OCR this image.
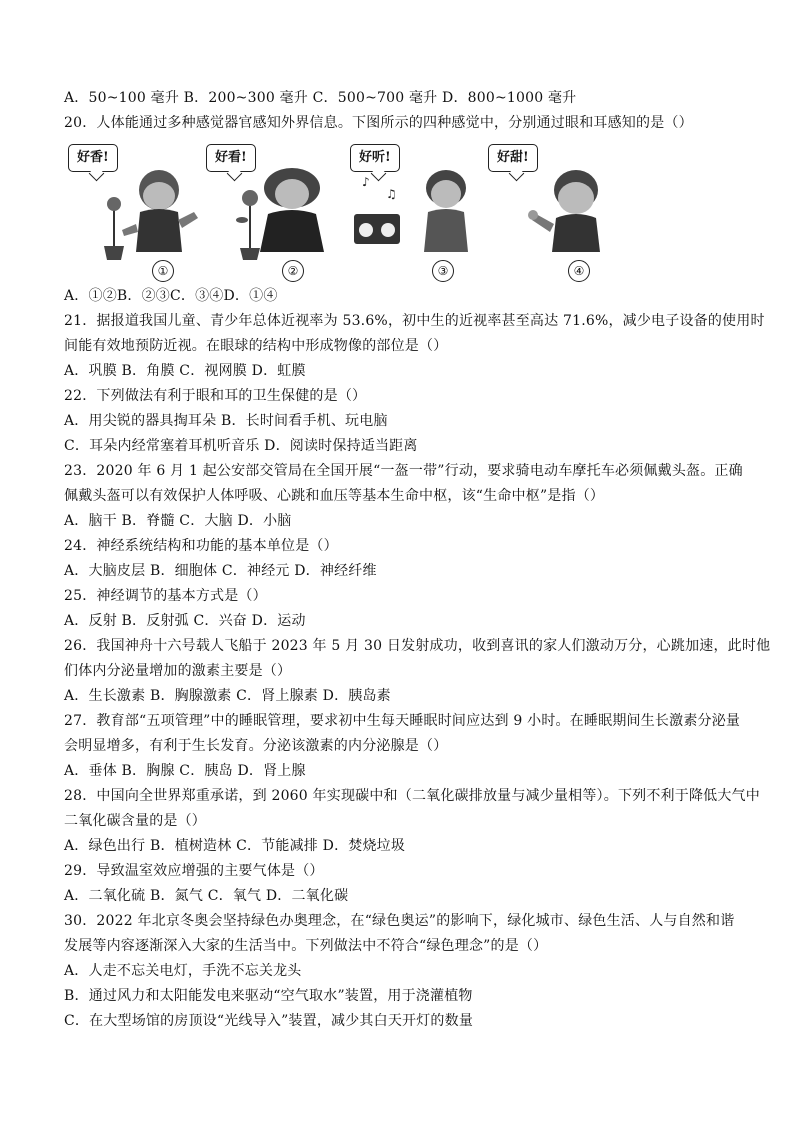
A．50~100 毫升 B．200~300 毫升 C．500~700 毫升 D．800~1000 毫升
20．人体能通过多种感觉器官感知外界信息。下图所示的四种感觉中，分别通过眼和耳感知的是（）
好香!
①
好看!
②
好听!
♪
♫
③
好甜!
④
A．①②B．②③C．③④D．①④
21．据报道我国儿童、青少年总体近视率为 53.6%，初中生的近视率甚至高达 71.6%，减少电子设备的使用时
间能有效地预防近视。在眼球的结构中形成物像的部位是（）
A．巩膜 B．角膜 C．视网膜 D．虹膜
22．下列做法有利于眼和耳的卫生保健的是（）
A．用尖锐的器具掏耳朵 B．长时间看手机、玩电脑
C．耳朵内经常塞着耳机听音乐 D．阅读时保持适当距离
23．2020 年 6 月 1 起公安部交管局在全国开展“一盔一带”行动，要求骑电动车摩托车必须佩戴头盔。正确
佩戴头盔可以有效保护人体呼吸、心跳和血压等基本生命中枢，该“生命中枢”是指（）
A．脑干 B．脊髓 C．大脑 D．小脑
24．神经系统结构和功能的基本单位是（）
A．大脑皮层 B．细胞体 C．神经元 D．神经纤维
25．神经调节的基本方式是（）
A．反射 B．反射弧 C．兴奋 D．运动
26．我国神舟十六号载人飞船于 2023 年 5 月 30 日发射成功，收到喜讯的家人们激动万分，心跳加速，此时他
们体内分泌量增加的激素主要是（）
A．生长激素 B．胸腺激素 C．肾上腺素 D．胰岛素
27．教育部“五项管理”中的睡眠管理，要求初中生每天睡眠时间应达到 9 小时。在睡眠期间生长激素分泌量
会明显增多，有利于生长发育。分泌该激素的内分泌腺是（）
A．垂体 B．胸腺 C．胰岛 D．肾上腺
28．中国向全世界郑重承诺，到 2060 年实现碳中和（二氧化碳排放量与减少量相等）。下列不利于降低大气中
二氧化碳含量的是（）
A．绿色出行 B．植树造林 C．节能减排 D．焚烧垃圾
29．导致温室效应增强的主要气体是（）
A．二氧化硫 B．氮气 C．氧气 D．二氧化碳
30．2022 年北京冬奥会坚持绿色办奥理念，在“绿色奥运”的影响下，绿化城市、绿色生活、人与自然和谐
发展等内容逐渐深入大家的生活当中。下列做法中不符合“绿色理念”的是（）
A．人走不忘关电灯，手洗不忘关龙头
B．通过风力和太阳能发电来驱动“空气取水”装置，用于浇灌植物
C．在大型场馆的房顶设“光线导入”装置，减少其白天开灯的数量
